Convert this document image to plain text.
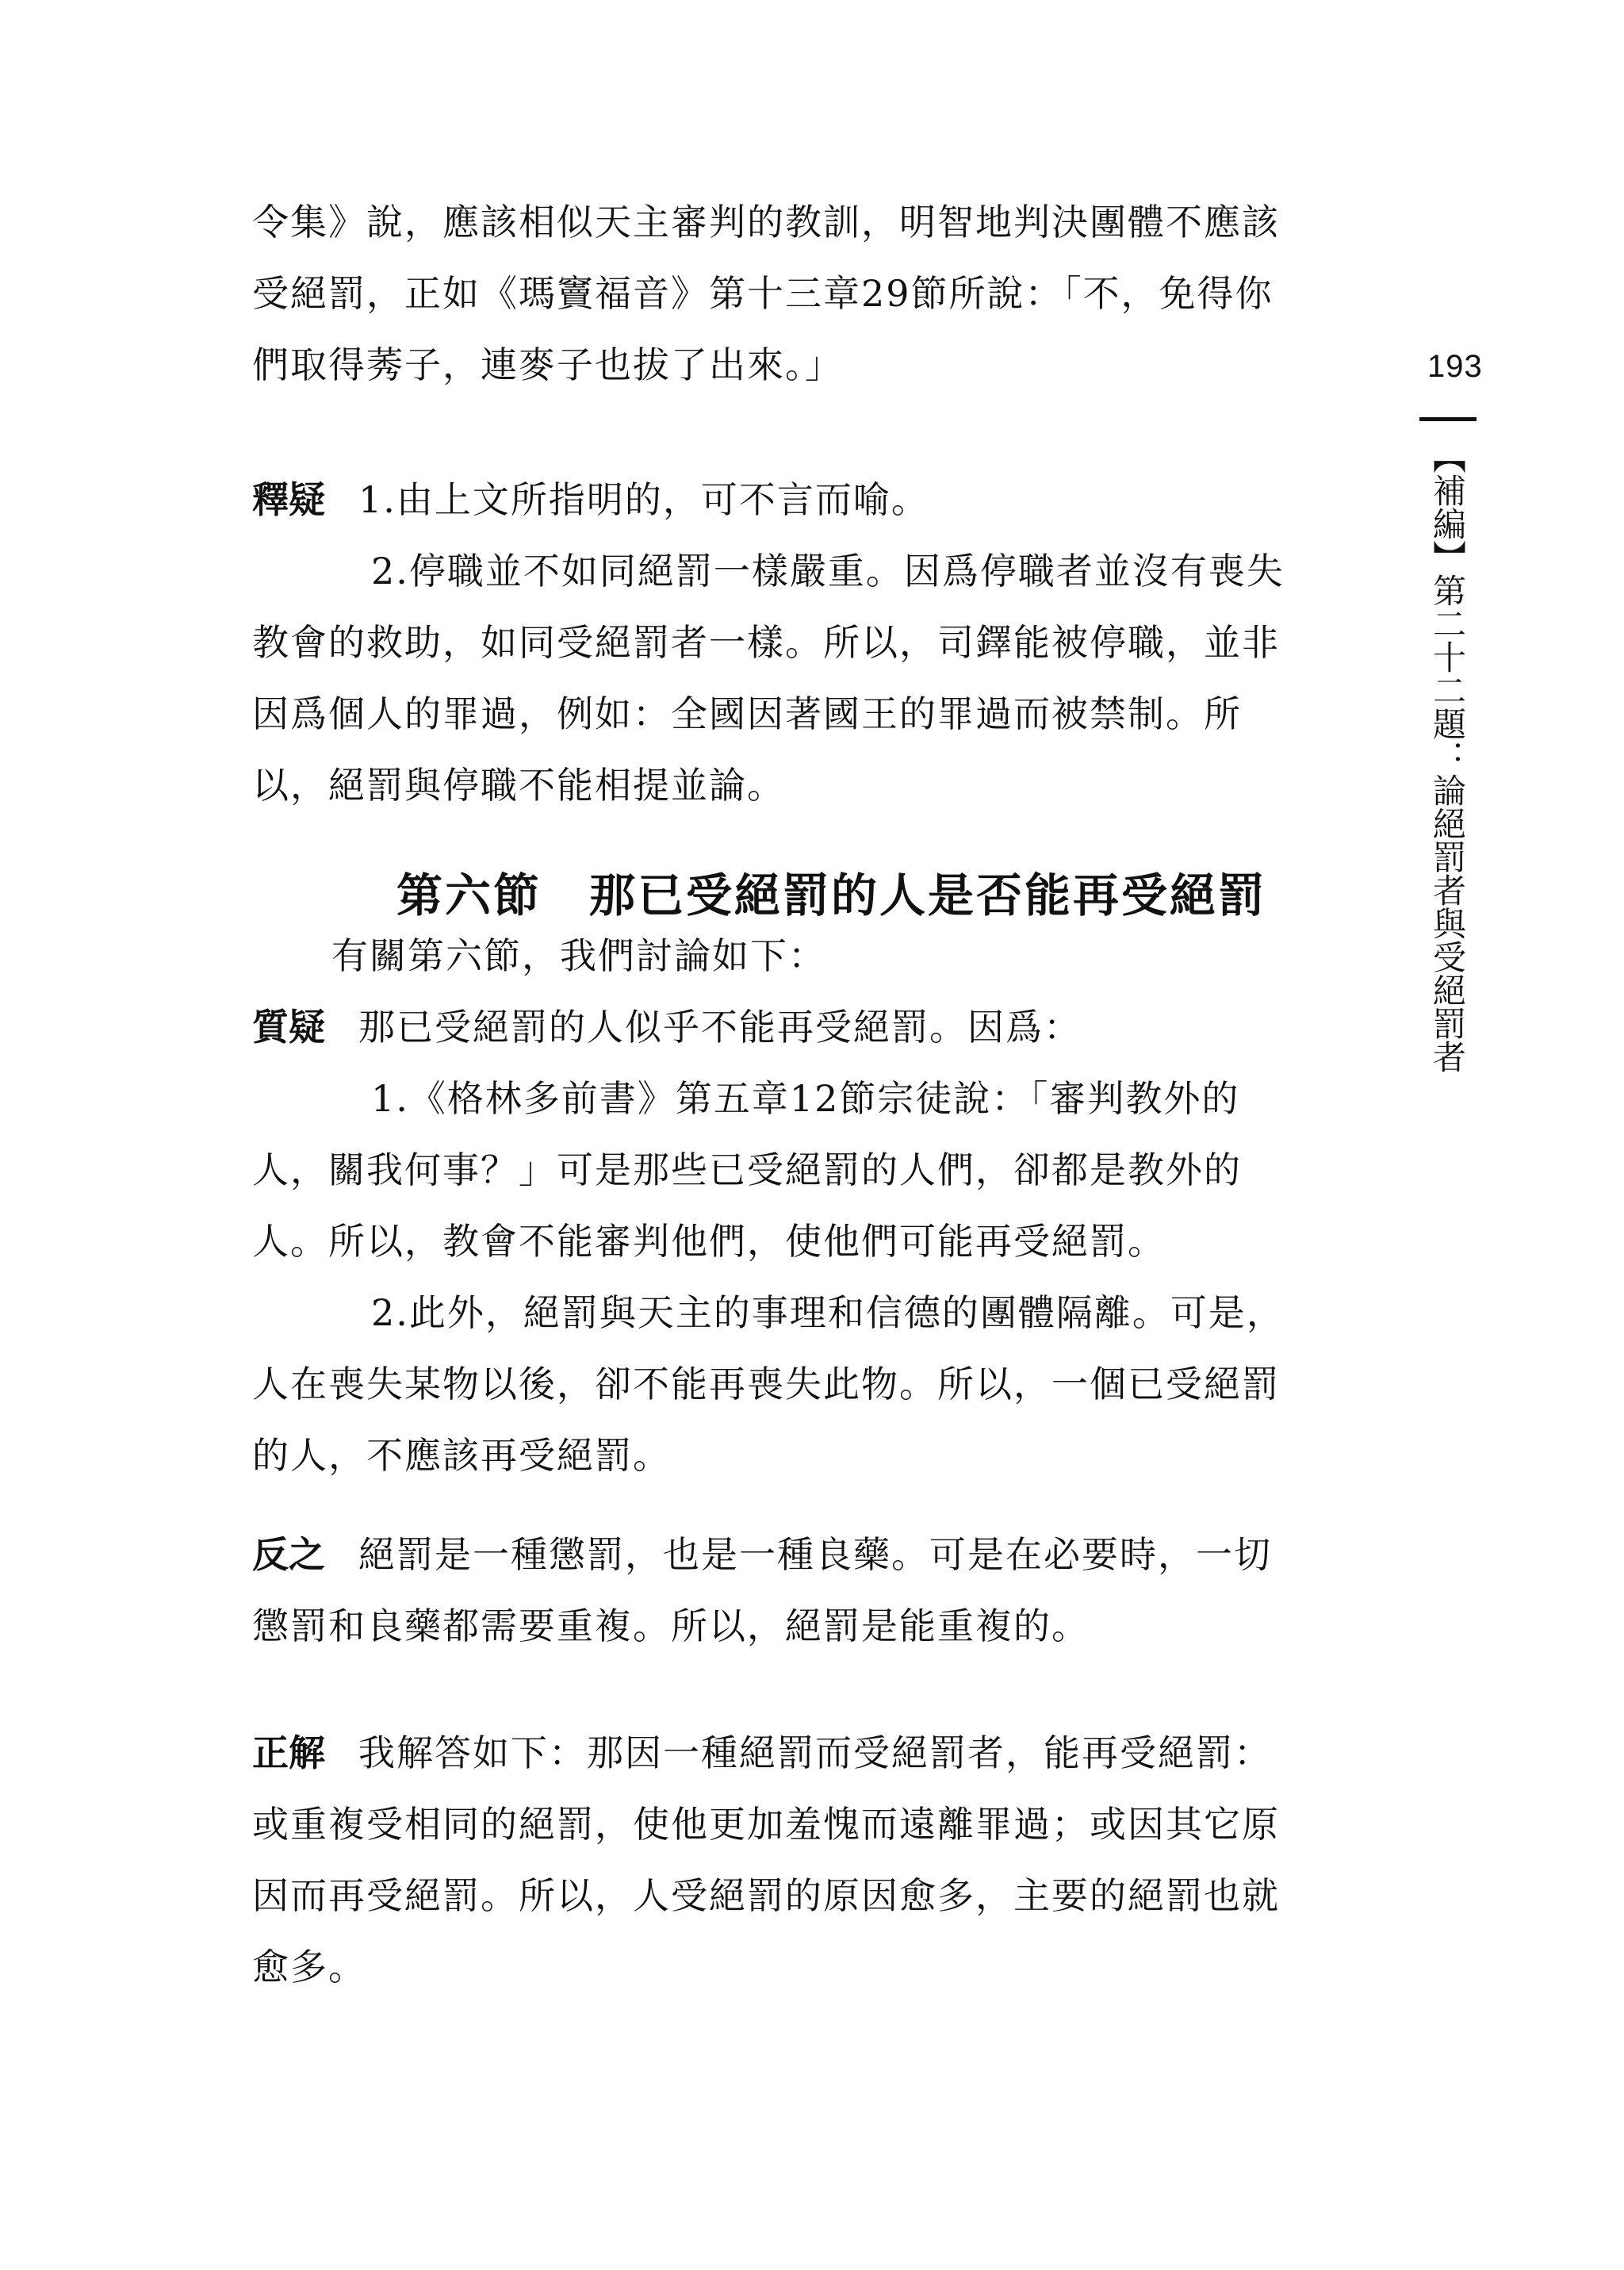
令集》說，應該相似天主審判的教訓，明智地判決團體不應該
受絕罰，正如《瑪竇福音》第十三章29節所說：「不，免得你
們取得莠子，連麥子也拔了出來。」
釋疑 1.由上文所指明的，可不言而喻。
2.停職並不如同絕罰一樣嚴重。因爲停職者並沒有喪失
教會的救助，如同受絕罰者一樣。所以，司鐸能被停職，並非
因爲個人的罪過，例如：全國因著國王的罪過而被禁制。所
以，絕罰與停職不能相提並論。
第六節 那已受絕罰的人是否能再受絕罰
有關第六節，我們討論如下：
質疑 那已受絕罰的人似乎不能再受絕罰。因爲：
1.《格林多前書》第五章12節宗徒說：「審判教外的
人，關我何事？」可是那些已受絕罰的人們，卻都是教外的
人。所以，教會不能審判他們，使他們可能再受絕罰。
2.此外，絕罰與天主的事理和信德的團體隔離。可是，
人在喪失某物以後，卻不能再喪失此物。所以，一個已受絕罰
的人，不應該再受絕罰。
反之 絕罰是一種懲罰，也是一種良藥。可是在必要時，一切
懲罰和良藥都需要重複。所以，絕罰是能重複的。
正解 我解答如下：那因一種絕罰而受絕罰者，能再受絕罰：
或重複受相同的絕罰，使他更加羞愧而遠離罪過；或因其它原
因而再受絕罰。所以，人受絕罰的原因愈多，主要的絕罰也就
愈多。
193
【補編】第二十二題：論絕罰者與受絕罰者
